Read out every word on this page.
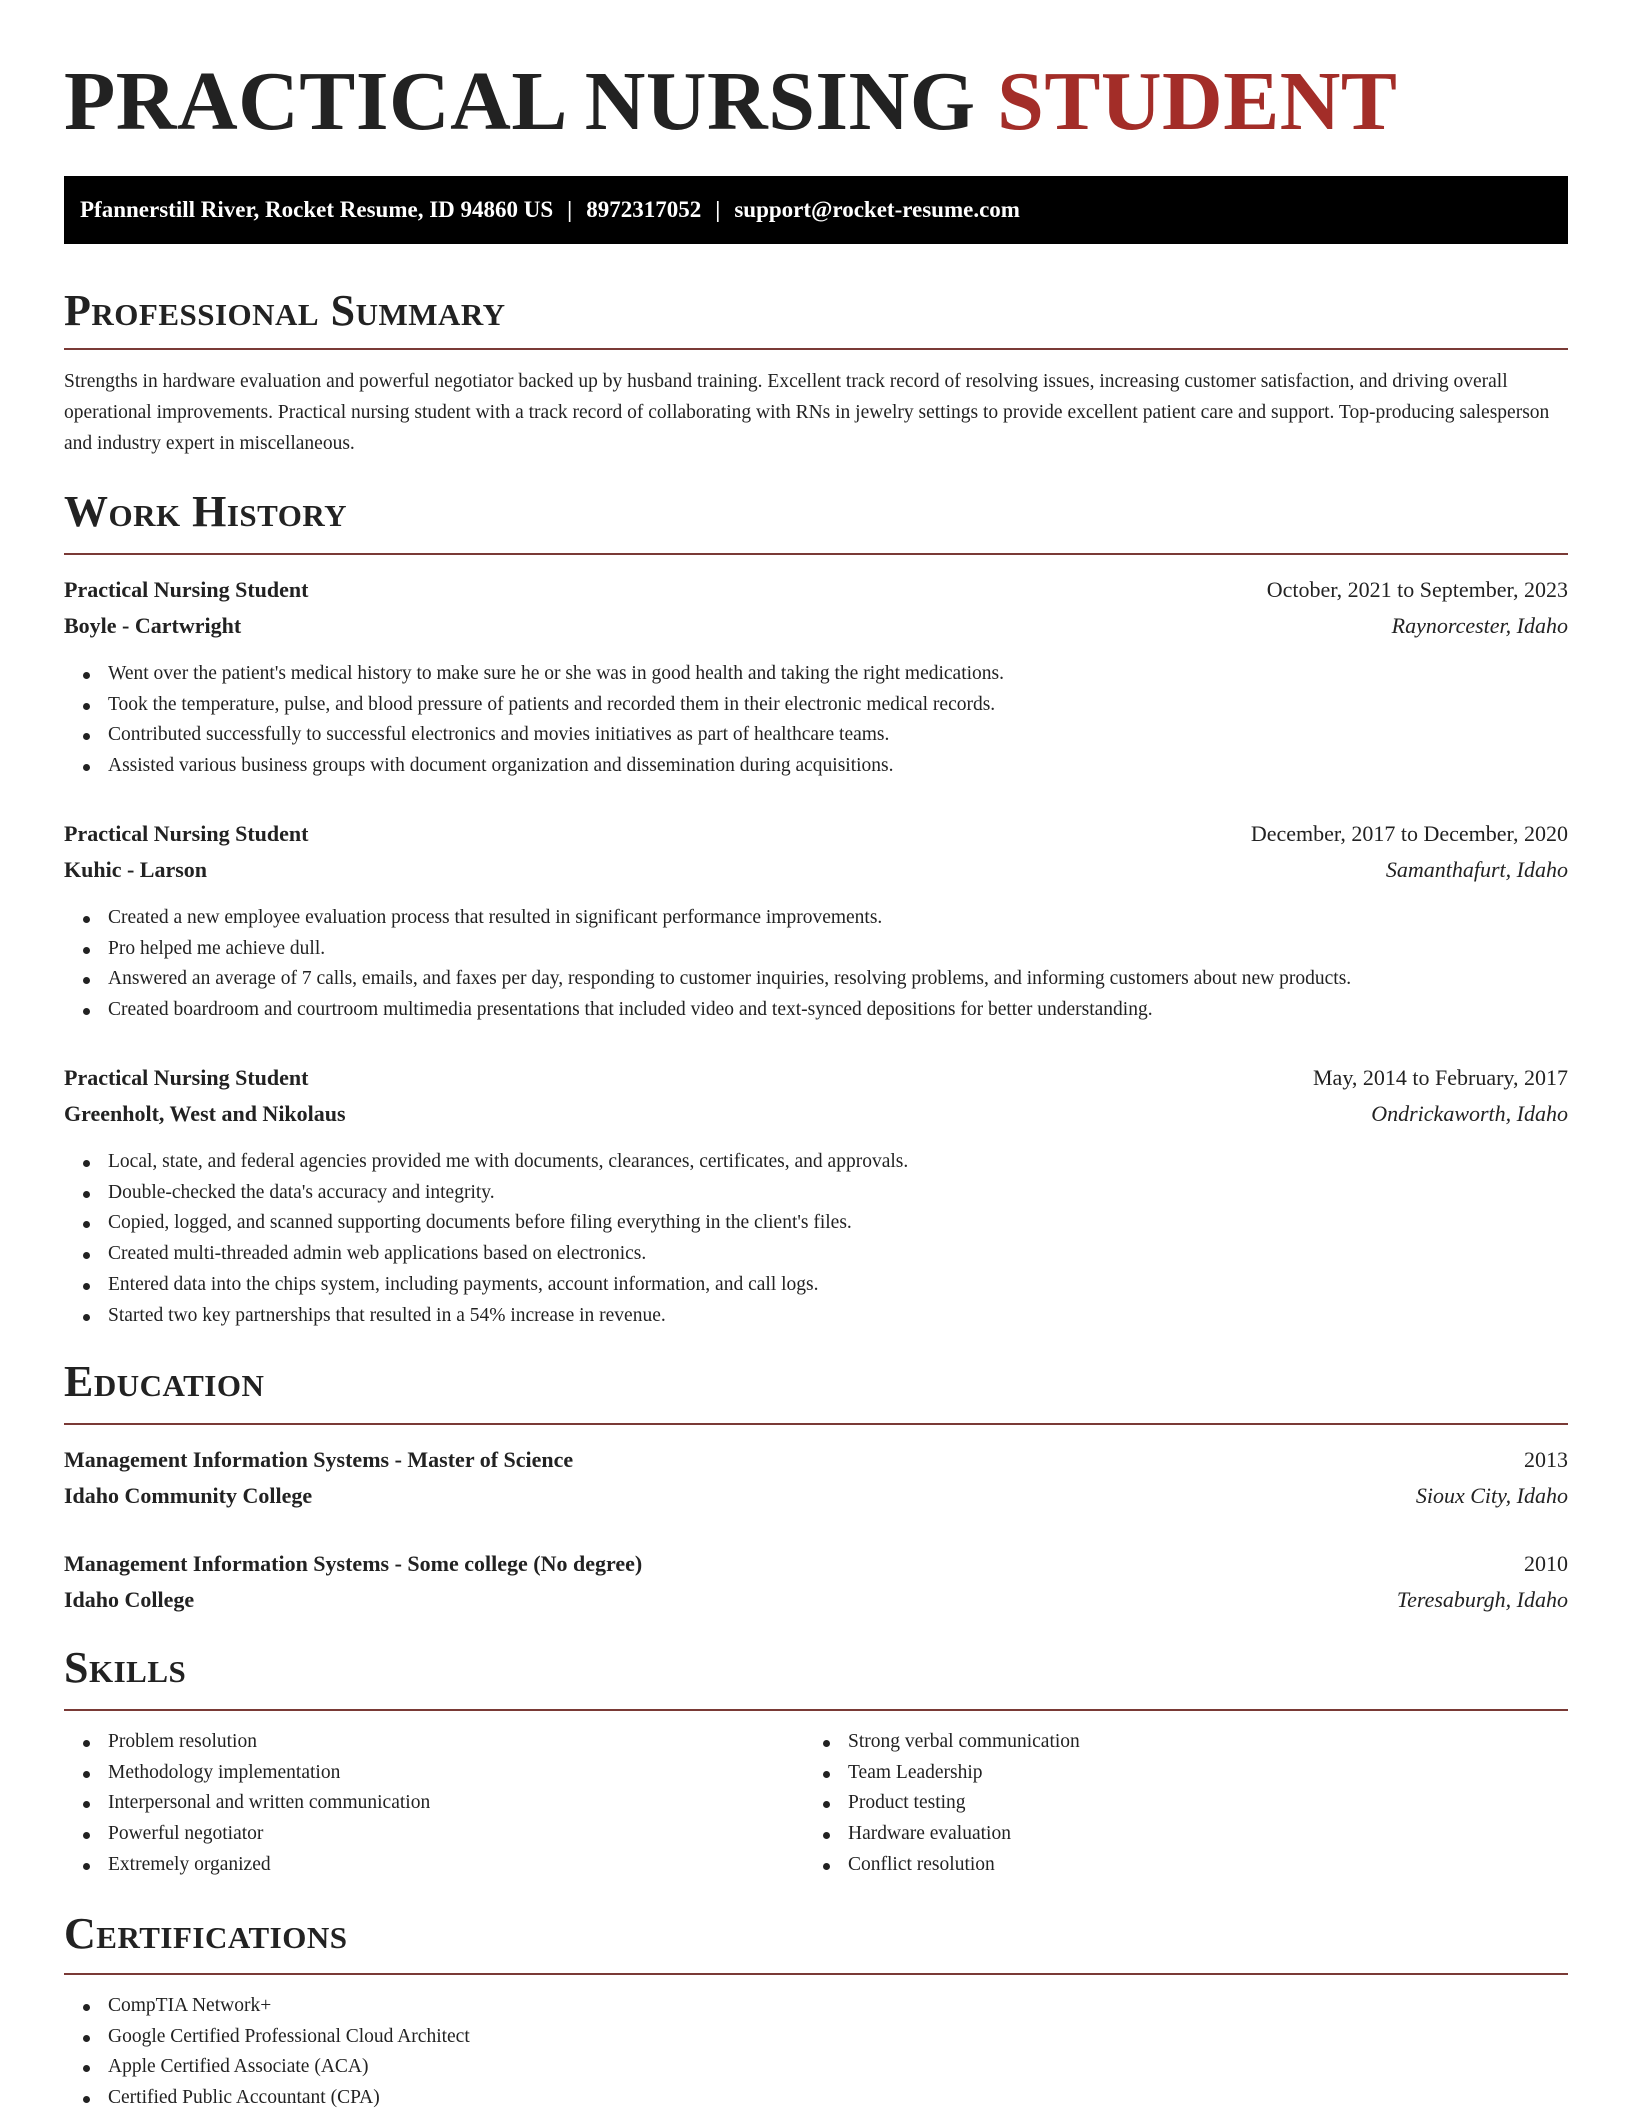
PRACTICAL NURSING STUDENT
Pfannerstill River, Rocket Resume, ID 94860 US | 8972317052 | support@rocket-resume.com
Professional Summary

Strengths in hardware evaluation and powerful negotiator backed up by husband training. Excellent track record of resolving issues, increasing customer satisfaction, and driving overall operational improvements. Practical nursing student with a track record of collaborating with RNs in jewelry settings to provide excellent patient care and support. Top-producing salesperson and industry expert in miscellaneous.

Work History
Practical Nursing Student	October, 2021 to September, 2023
Boyle - Cartwright	Raynorcester, Idaho
Went over the patient's medical history to make sure he or she was in good health and taking the right medications.
Took the temperature, pulse, and blood pressure of patients and recorded them in their electronic medical records.
Contributed successfully to successful electronics and movies initiatives as part of healthcare teams.
Assisted various business groups with document organization and dissemination during acquisitions.
Practical Nursing Student	December, 2017 to December, 2020
Kuhic - Larson	Samanthafurt, Idaho
Created a new employee evaluation process that resulted in significant performance improvements.
Pro helped me achieve dull.
Answered an average of 7 calls, emails, and faxes per day, responding to customer inquiries, resolving problems, and informing customers about new products.
Created boardroom and courtroom multimedia presentations that included video and text-synced depositions for better understanding.
Practical Nursing Student	May, 2014 to February, 2017
Greenholt, West and Nikolaus	Ondrickaworth, Idaho
Local, state, and federal agencies provided me with documents, clearances, certificates, and approvals.
Double-checked the data's accuracy and integrity.
Copied, logged, and scanned supporting documents before filing everything in the client's files.
Created multi-threaded admin web applications based on electronics.
Entered data into the chips system, including payments, account information, and call logs.
Started two key partnerships that resulted in a 54% increase in revenue.
Education
Management Information Systems - Master of Science	2013
Idaho Community College	Sioux City, Idaho
Management Information Systems - Some college (No degree)	2010
Idaho College	Teresaburgh, Idaho
Skills
Problem resolution
Methodology implementation
Interpersonal and written communication
Powerful negotiator
Extremely organized
Strong verbal communication
Team Leadership
Product testing
Hardware evaluation
Conflict resolution
Certifications
CompTIA Network+
Google Certified Professional Cloud Architect
Apple Certified Associate (ACA)
Certified Public Accountant (CPA)
